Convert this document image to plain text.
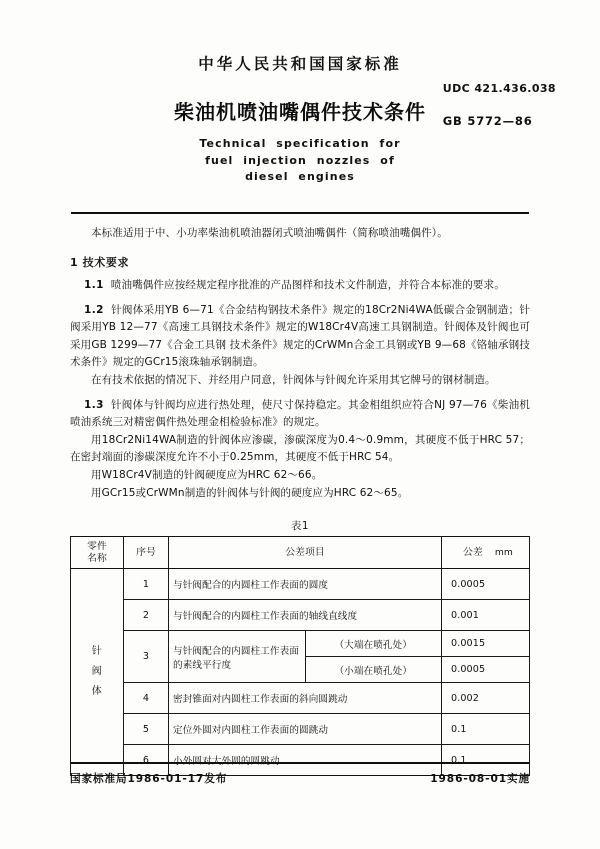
中华人民共和国国家标准
柴油机喷油嘴偶件技术条件
Technical  specification  for
fuel  injection  nozzles  of
diesel  engines
UDC 421.436.038
GB 5772—86
本标准适用于中、小功率柴油机喷油器闭式喷油嘴偶件（简称喷油嘴偶件）。
1 技术要求
1.1 喷油嘴偶件应按经规定程序批准的产品图样和技术文件制造，并符合本标准的要求。
1.2 针阀体采用YB 6—71《合金结构钢技术条件》规定的18Cr2Ni4WA低碳合金钢制造；针阀采用YB 12—77《高速工具钢技术条件》规定的W18Cr4V高速工具钢制造。针阀体及针阀也可采用GB 1299—77《合金工具钢 技术条件》规定的CrWMn合金工具钢或YB 9—68《铬轴承钢技术条件》规定的GCr15滚珠轴承钢制造。
在有技术依据的情况下、并经用户同意，针阀体与针阀允许采用其它牌号的钢材制造。
1.3 针阀体与针阀均应进行热处理，使尺寸保持稳定。其金相组织应符合NJ 97—76《柴油机喷油系统三对精密偶件热处理金相检验标准》的规定。
用18Cr2Ni14WA制造的针阀体应渗碳，渗碳深度为0.4～0.9mm，其硬度不低于HRC 57；在密封端面的渗碳深度允许不小于0.25mm，其硬度不低于HRC 54。
用W18Cr4V制造的针阀硬度应为HRC 62～66。
用GCr15或CrWMn制造的针阀体与针阀的硬度应为HRC 62～65。
表1
零件
名称	序号	公差项目		公差 mm

针
阀
体	1	与针阀配合的内圆柱工作表面的圆度		0.0005
	2	与针阀配合的内圆柱工作表面的轴线直线度		0.001
	3	与针阀配合的内圆柱工作表面的素线平行度	（大端在喷孔处）	0.0015
			（小端在喷孔处）	0.0005
	4	密封锥面对内圆柱工作表面的斜向圆跳动		0.002
	5	定位外圆对内圆柱工作表面的圆跳动		0.1
	6	小外圆对大外圆的圆跳动		0.1
国家标准局1986-01-17发布	1986-08-01实施
